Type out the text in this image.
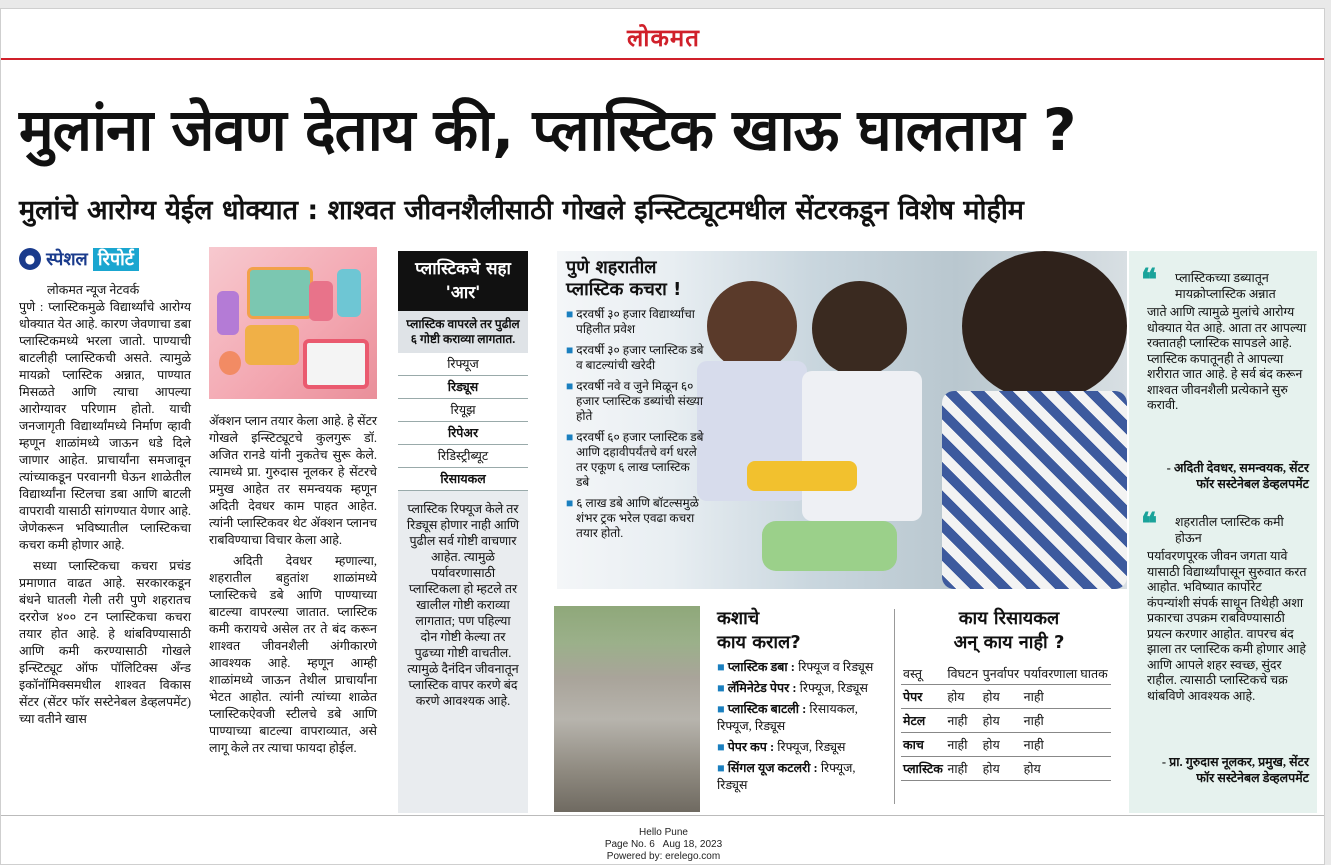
लोकमत
मुलांना जेवण देताय की, प्लास्टिक खाऊ घालताय ?
मुलांचे आरोग्य येईल धोक्यात : शाश्वत जीवनशैलीसाठी गोखले इन्स्टिट्यूटमधील सेंटरकडून विशेष मोहीम
● स्पेशल रिपोर्ट
लोकमत न्यूज नेटवर्क

पुणे : प्लास्टिकमुळे विद्यार्थ्यांचे आरोग्य धोक्यात येत आहे. कारण जेवणाचा डबा प्लास्टिकमध्ये भरला जातो. पाण्याची बाटलीही प्लास्टिकची असते. त्यामुळे मायक्रो प्लास्टिक अन्नात, पाण्यात मिसळते आणि त्याचा आपल्या आरोग्यावर परिणाम होतो. याची जनजागृती विद्यार्थ्यांमध्ये निर्माण व्हावी म्हणून शाळांमध्ये जाऊन धडे दिले जाणार आहेत. प्राचार्यांना समजावून त्यांच्याकडून परवानगी घेऊन शाळेतील विद्यार्थ्यांना स्टिलचा डबा आणि बाटली वापरावी यासाठी सांगण्यात येणार आहे. जेणेकरून भविष्यातील प्लास्टिकचा कचरा कमी होणार आहे.

सध्या प्लास्टिकचा कचरा प्रचंड प्रमाणात वाढत आहे. सरकारकडून बंधने घातली गेली तरी पुणे शहरातच दररोज ४०० टन प्लास्टिकचा कचरा तयार होत आहे. हे थांबविण्यासाठी आणि कमी करण्यासाठी गोखले इन्स्टिट्यूट ऑफ पॉलिटिक्स अँन्ड इकॉनॉमिक्समधील शाश्वत विकास सेंटर (सेंटर फॉर सस्टेनेबल डेव्हलपमेंट) च्या वतीने खास

ॲक्शन प्लान तयार केला आहे. हे सेंटर गोखले इन्स्टिट्यूटचे कुलगुरू डॉ. अजित रानडे यांनी नुकतेच सुरू केले. त्यामध्ये प्रा. गुरुदास नूलकर हे सेंटरचे प्रमुख आहेत तर समन्वयक म्हणून अदिती देवधर काम पाहत आहेत. त्यांनी प्लास्टिकवर थेट ॲक्शन प्लानच राबविण्याचा विचार केला आहे.

अदिती देवधर म्हणाल्या, शहरातील बहुतांश शाळांमध्ये प्लास्टिकचे डबे आणि पाण्याच्या बाटल्या वापरल्या जातात. प्लास्टिक कमी करायचे असेल तर ते बंद करून शाश्वत जीवनशैली अंगीकारणे आवश्यक आहे. म्हणून आम्ही शाळांमध्ये जाऊन तेथील प्राचार्यांना भेटत आहोत. त्यांनी त्यांच्या शाळेत प्लास्टिकऐवजी स्टीलचे डबे आणि पाण्याच्या बाटल्या वापराव्यात, असे लागू केले तर त्याचा फायदा होईल.

प्लास्टिकचे सहा 'आर'
प्लास्टिक वापरले तर पुढील ६ गोष्टी कराव्या लागतात.
रिफ्यूज
रिड्यूस
रियूझ
रिपेअर
रिडिस्ट्रीब्यूट
रिसायकल
प्लास्टिक रिफ्यूज केले तर रिड्यूस होणार नाही आणि पुढील सर्व गोष्टी वाचणार आहेत. त्यामुळे पर्यावरणासाठी प्लास्टिकला हो म्हटले तर खालील गोष्टी कराव्या लागतात; पण पहिल्या दोन गोष्टी केल्या तर पुढच्या गोष्टी वाचतील. त्यामुळे दैनंदिन जीवनातून प्लास्टिक वापर करणे बंद करणे आवश्यक आहे.
पुणे शहरातील
प्लास्टिक कचरा !
■ दरवर्षी ३० हजार विद्यार्थ्यांचा पहिलीत प्रवेश
■ दरवर्षी ३० हजार प्लास्टिक डबे व बाटल्यांची खरेदी
■ दरवर्षी नवे व जुने मिळून ६० हजार प्लास्टिक डब्यांची संख्या होते
■ दरवर्षी ६० हजार प्लास्टिक डबे आणि दहावीपर्यंतचे वर्ग धरले तर एकूण ६ लाख प्लास्टिक डबे
■ ६ लाख डबे आणि बॉटल्समुळे शंभर ट्रक भरेल एवढा कचरा तयार होतो.
कशाचे
काय कराल?
■ प्लास्टिक डबा : रिफ्यूज व रिड्यूस
■ लॅमिनेटेड पेपर : रिफ्यूज, रिड्यूस
■ प्लास्टिक बाटली : रिसायकल, रिफ्यूज, रिड्यूस
■ पेपर कप : रिफ्यूज, रिड्यूस
■ सिंगल यूज कटलरी : रिफ्यूज, रिड्यूस
काय रिसायकल
अन् काय नाही ?
वस्तू	विघटन	पुनर्वापर	पर्यावरणाला घातक
पेपर	होय	होय	नाही
मेटल	नाही	होय	नाही
काच	नाही	होय	नाही
प्लास्टिक	नाही	होय	होय
❝ प्लास्टिकच्या डब्यातून मायक्रोप्लास्टिक अन्नात
जाते आणि त्यामुळे मुलांचे आरोग्य धोक्यात येत आहे. आता तर आपल्या रक्तातही प्लास्टिक सापडले आहे. प्लास्टिक कपातूनही ते आपल्या शरीरात जात आहे. हे सर्व बंद करून शाश्वत जीवनशैली प्रत्येकाने सुरु करावी.
- अदिती देवधर, समन्वयक, सेंटर फॉर सस्टेनेबल डेव्हलपमेंट
❝ शहरातील प्लास्टिक कमी होऊन
पर्यावरणपूरक जीवन जगता यावे यासाठी विद्यार्थ्यांपासून सुरुवात करत आहोत. भविष्यात कार्पोरेट कंपन्यांशी संपर्क साधून तिथेही अशा प्रकारचा उपक्रम राबविण्यासाठी प्रयत्न करणार आहोत. वापरच बंद झाला तर प्लास्टिक कमी होणार आहे आणि आपले शहर स्वच्छ, सुंदर राहील. त्यासाठी प्लास्टिकचे चक्र थांबविणे आवश्यक आहे.
- प्रा. गुरुदास नूलकर, प्रमुख, सेंटर फॉर सस्टेनेबल डेव्हलपमेंट
Hello Pune
Page No. 6   Aug 18, 2023
Powered by: erelego.com
